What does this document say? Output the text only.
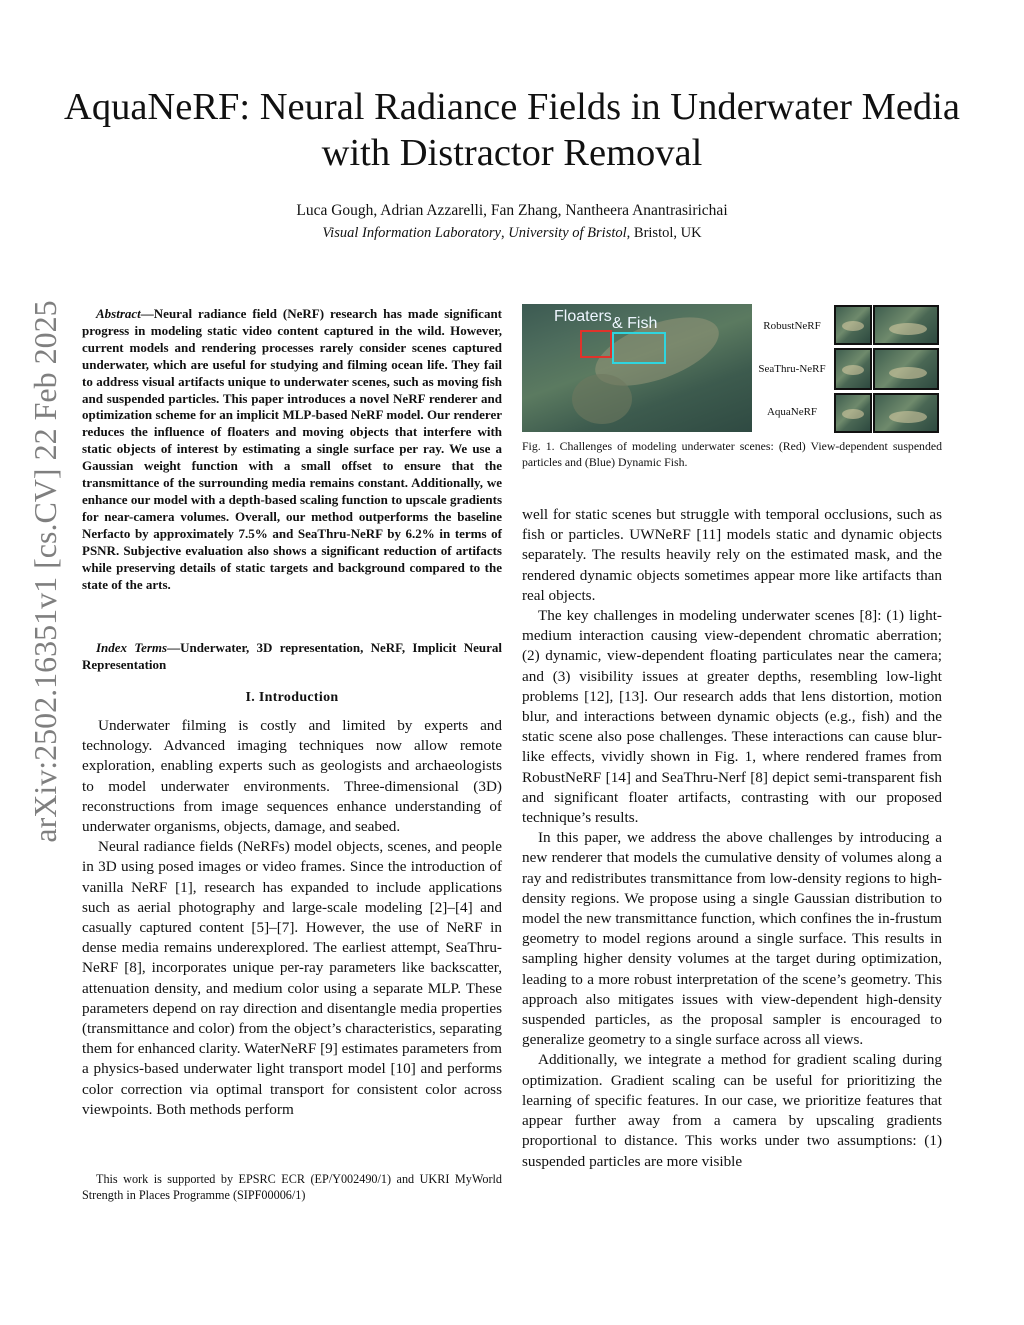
AquaNeRF: Neural Radiance Fields in Underwater Media with Distractor Removal
Luca Gough, Adrian Azzarelli, Fan Zhang, Nantheera Anantrasirichai
Visual Information Laboratory, University of Bristol, Bristol, UK
arXiv:2502.16351v1 [cs.CV] 22 Feb 2025	Abstract—Neural radiance field (NeRF) research has made significant progress in modeling static video content captured in the wild. However, current models and rendering processes rarely consider scenes captured underwater, which are useful for studying and filming ocean life. They fail to address visual artifacts unique to underwater scenes, such as moving fish and suspended particles. This paper introduces a novel NeRF renderer and optimization scheme for an implicit MLP-based NeRF model. Our renderer reduces the influence of floaters and moving objects that interfere with static objects of interest by estimating a single surface per ray. We use a Gaussian weight function with a small offset to ensure that the transmittance of the surrounding media remains constant. Additionally, we enhance our model with a depth-based scaling function to upscale gradients for near-camera volumes. Overall, our method outperforms the baseline Nerfacto by approximately 7.5% and SeaThru-NeRF by 6.2% in terms of PSNR. Subjective evaluation also shows a significant reduction of artifacts while preserving details of static targets and background compared to the state of the arts.

Index Terms—Underwater, 3D representation, NeRF, Implicit Neural Representation

I. Introduction

Underwater filming is costly and limited by experts and technology. Advanced imaging techniques now allow remote exploration, enabling experts such as geologists and archaeologists to model underwater environments. Three-dimensional (3D) reconstructions from image sequences enhance understanding of underwater organisms, objects, damage, and seabed.

Neural radiance fields (NeRFs) model objects, scenes, and people in 3D using posed images or video frames. Since the introduction of vanilla NeRF [1], research has expanded to include applications such as aerial photography and large-scale modeling [2]–[4] and casually captured content [5]–[7]. However, the use of NeRF in dense media remains underexplored. The earliest attempt, SeaThru-NeRF [8], incorporates unique per-ray parameters like backscatter, attenuation density, and medium color using a separate MLP. These parameters depend on ray direction and disentangle media properties (transmittance and color) from the object’s characteristics, separating them for enhanced clarity. WaterNeRF [9] estimates parameters from a physics-based underwater light transport model [10] and performs color correction via optimal transport for consistent color across viewpoints. Both methods perform

This work is supported by EPSRC ECR (EP/Y002490/1) and UKRI MyWorld Strength in Places Programme (SIPF00006/1)

Floaters & Fish	RobustNeRF
SeaThru-NeRF
AquaNeRF

Fig. 1. Challenges of modeling underwater scenes: (Red) View-dependent suspended particles and (Blue) Dynamic Fish.

well for static scenes but struggle with temporal occlusions, such as fish or particles. UWNeRF [11] models static and dynamic objects separately. The results heavily rely on the estimated mask, and the rendered dynamic objects sometimes appear more like artifacts than real objects.

The key challenges in modeling underwater scenes [8]: (1) light-medium interaction causing view-dependent chromatic aberration; (2) dynamic, view-dependent floating particulates near the camera; and (3) visibility issues at greater depths, resembling low-light problems [12], [13]. Our research adds that lens distortion, motion blur, and interactions between dynamic objects (e.g., fish) and the static scene also pose challenges. These interactions can cause blur-like effects, vividly shown in Fig. 1, where rendered frames from RobustNeRF [14] and SeaThru-Nerf [8] depict semi-transparent fish and significant floater artifacts, contrasting with our proposed technique’s results.

In this paper, we address the above challenges by introducing a new renderer that models the cumulative density of volumes along a ray and redistributes transmittance from low-density regions to high-density regions. We propose using a single Gaussian distribution to model the new transmittance function, which confines the in-frustum geometry to model regions around a single surface. This results in sampling higher density volumes at the target during optimization, leading to a more robust interpretation of the scene’s geometry. This approach also mitigates issues with view-dependent high-density suspended particles, as the proposal sampler is encouraged to generalize geometry to a single surface across all views.

Additionally, we integrate a method for gradient scaling during optimization. Gradient scaling can be useful for prioritizing the learning of specific features. In our case, we prioritize features that appear further away from a camera by upscaling gradients proportional to distance. This works under two assumptions: (1) suspended particles are more visible
